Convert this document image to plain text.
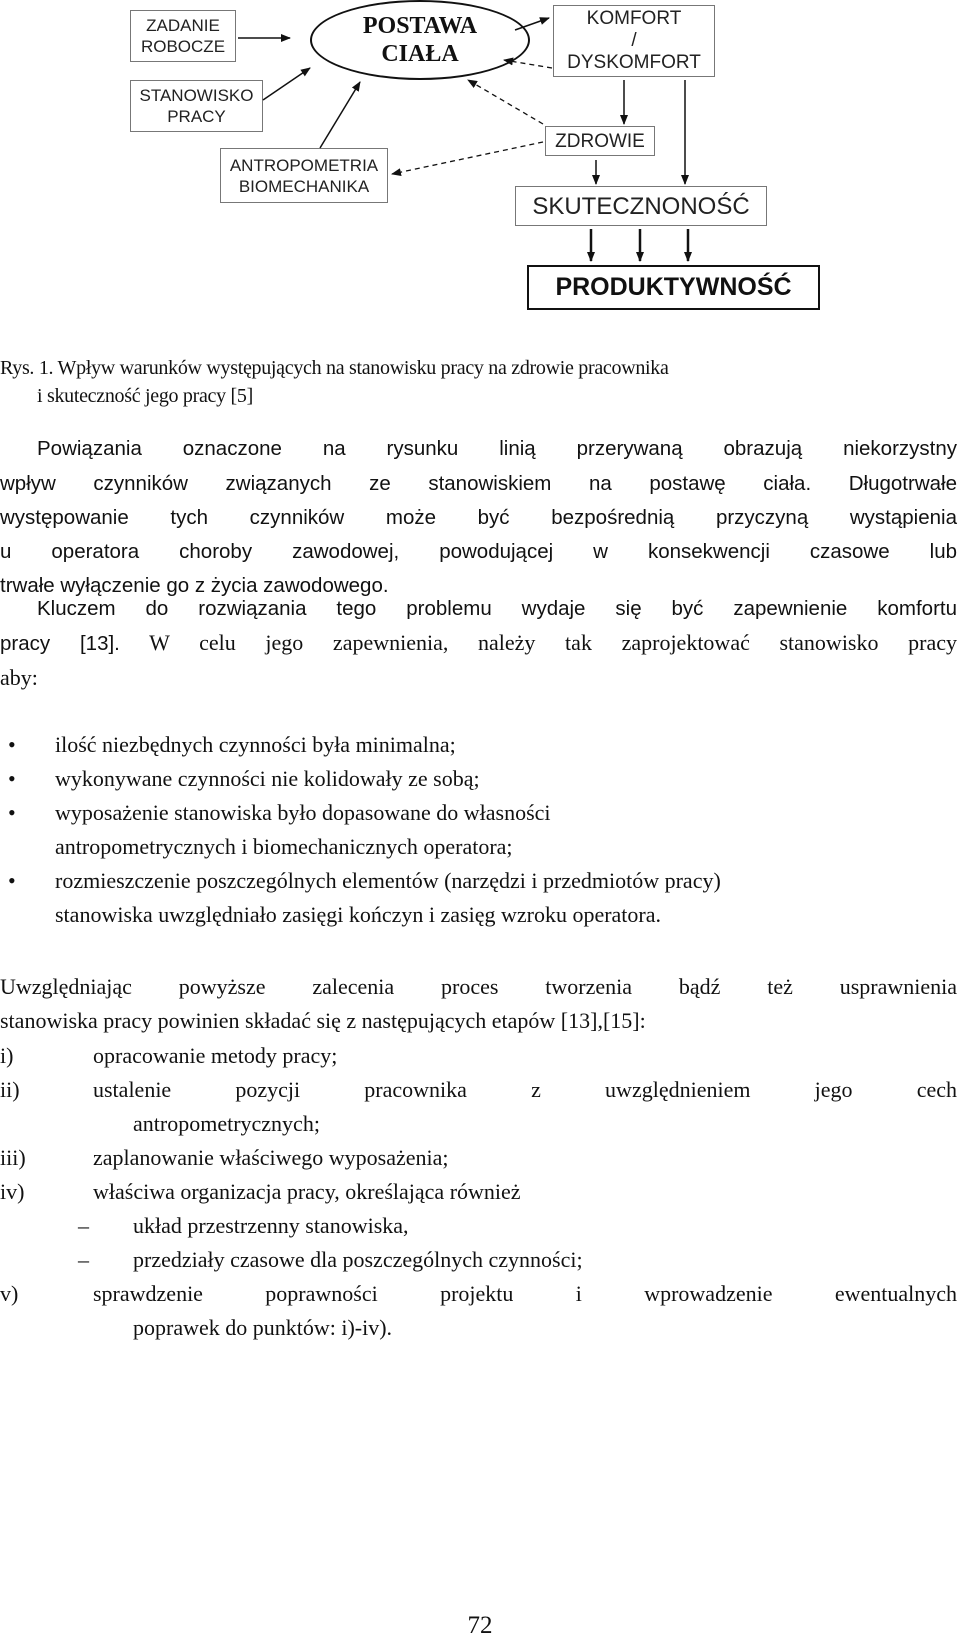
ZADANIE
ROBOCZE
STANOWISKO
PRACY
ANTROPOMETRIA
BIOMECHANIKA
POSTAWA
CIAŁA
KOMFORT
/
DYSKOMFORT
ZDROWIE
SKUTECZNONOŚĆ
PRODUKTYWNOŚĆ
Rys. 1. Wpływ warunków występujących na stanowisku pracy na zdrowie pracownika
i skuteczność jego pracy [5]
Powiązania oznaczone na rysunku linią przerywaną obrazują niekorzystny
wpływ czynników związanych ze stanowiskiem na postawę ciała. Długotrwałe
występowanie tych czynników może być bezpośrednią przyczyną wystąpienia
u operatora choroby zawodowej, powodującej w konsekwencji czasowe lub
trwałe wyłączenie go z życia zawodowego.
Kluczem do rozwiązania tego problemu wydaje się być zapewnienie komfortu
pracy [13]. W celu jego zapewnienia, należy tak zaprojektować stanowisko pracy
aby:
• ilość niezbędnych czynności była minimalna;
• wykonywane czynności nie kolidowały ze sobą;
• wyposażenie stanowiska było dopasowane do własności
antropometrycznych i biomechanicznych operatora;
• rozmieszczenie poszczególnych elementów (narzędzi i przedmiotów pracy)
stanowiska uwzględniało zasięgi kończyn i zasięg wzroku operatora.
Uwzględniając powyższe zalecenia proces tworzenia bądź też usprawnienia
stanowiska pracy powinien składać się z następujących etapów [13],[15]:
i)	opracowanie metody pracy;
ii)	ustalenie pozycji pracownika z uwzględnieniem jego cech
antropometrycznych;
iii)	zaplanowanie właściwego wyposażenia;
iv)	właściwa organizacja pracy, określająca również
– układ przestrzenny stanowiska,
– przedziały czasowe dla poszczególnych czynności;
v)	sprawdzenie poprawności projektu i wprowadzenie ewentualnych
poprawek do punktów: i)-iv).
72
